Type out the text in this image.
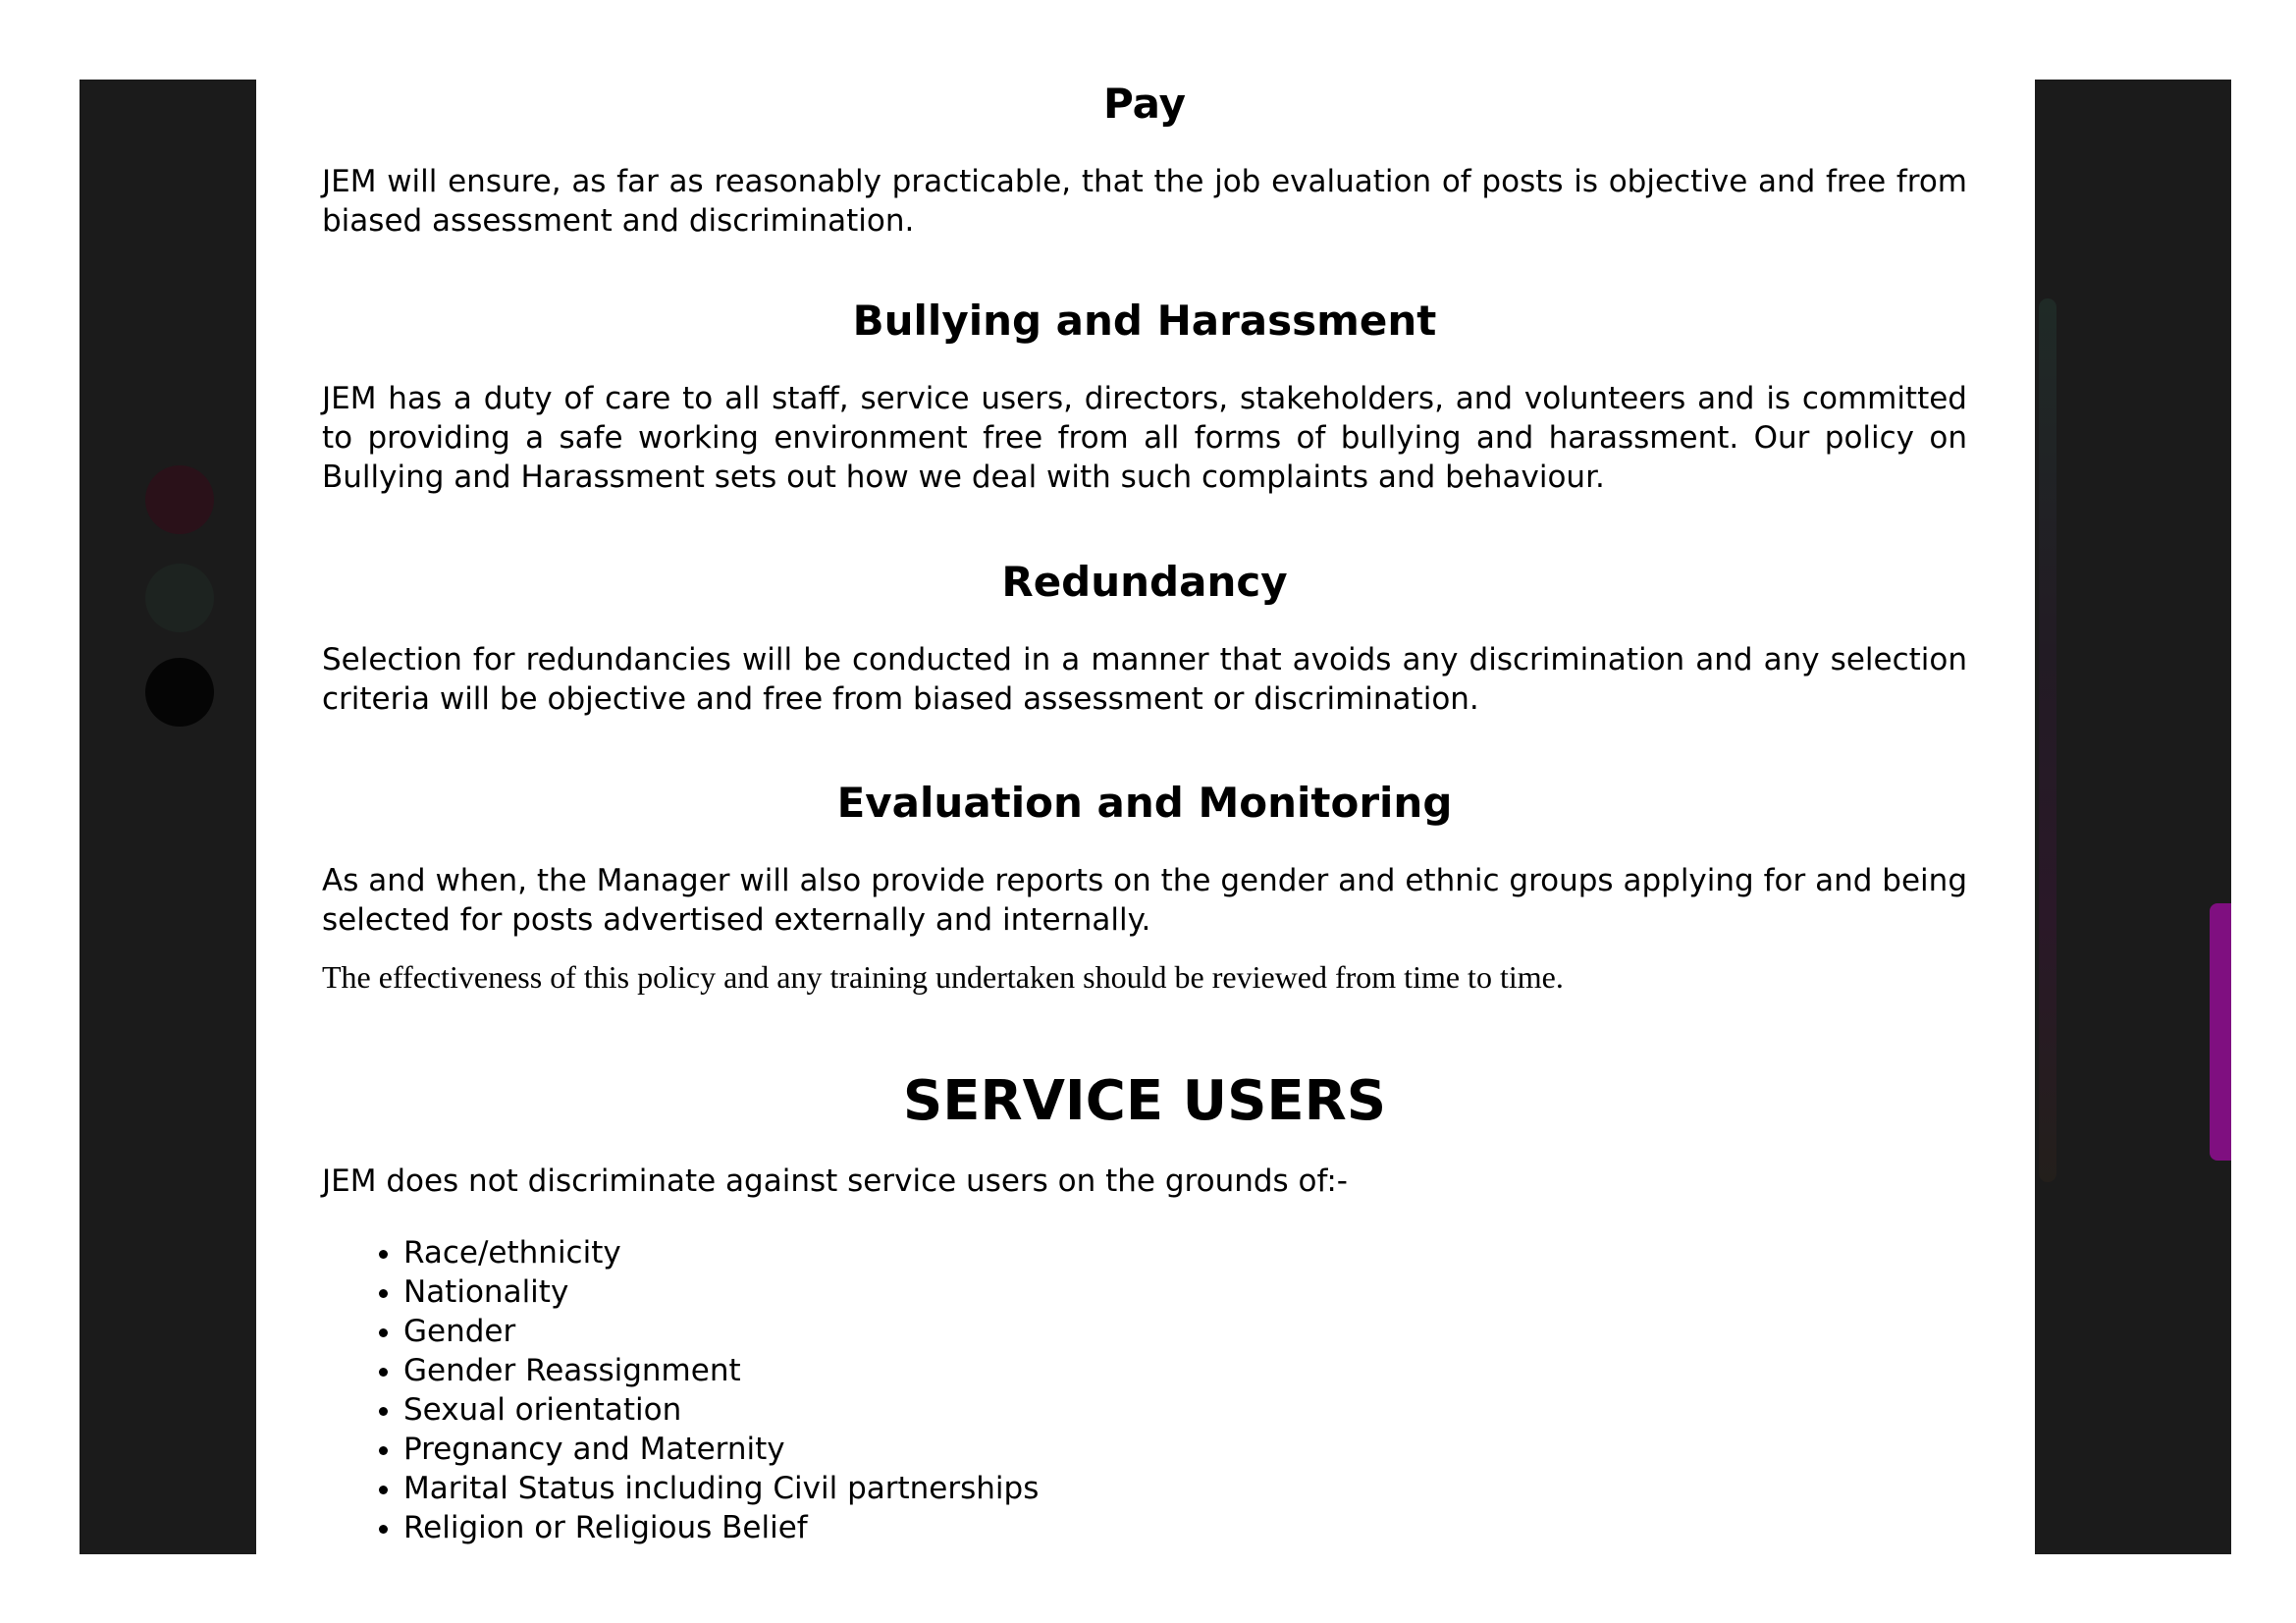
Pay

JEM will ensure, as far as reasonably practicable, that the job evaluation of posts is objective and free from biased assessment and discrimination.

Bullying and Harassment

JEM has a duty of care to all staff, service users, directors, stakeholders, and volunteers and is committed to providing a safe working environment free from all forms of bullying and harassment. Our policy on Bullying and Harassment sets out how we deal with such complaints and behaviour.

Redundancy

Selection for redundancies will be conducted in a manner that avoids any discrimination and any selection criteria will be objective and free from biased assessment or discrimination.

Evaluation and Monitoring

As and when, the Manager will also provide reports on the gender and ethnic groups applying for and being selected for posts advertised externally and internally.

The effectiveness of this policy and any training undertaken should be reviewed from time to time.

SERVICE USERS

JEM does not discriminate against service users on the grounds of:-

• Race/ethnicity
• Nationality
• Gender
• Gender Reassignment
• Sexual orientation
• Pregnancy and Maternity
• Marital Status including Civil partnerships
• Religion or Religious Belief
